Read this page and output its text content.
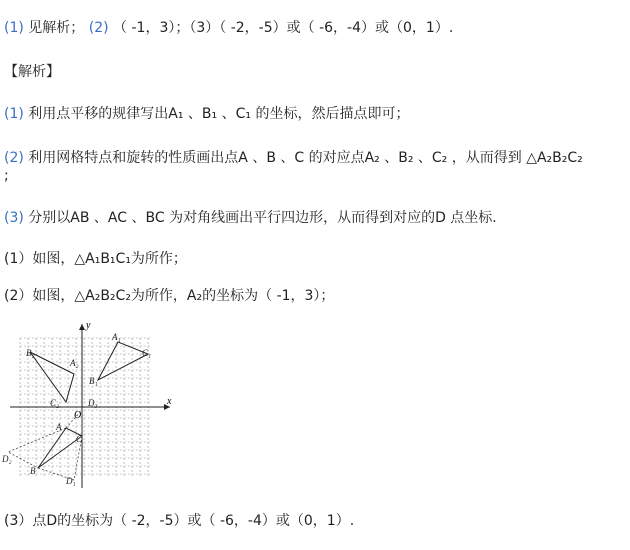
(1) 见解析； (2) （ -1，3）；（3）（ -2，-5）或（ -6，-4）或（0，1）.
【解析】
(1) 利用点平移的规律写出A₁ 、B₁ 、C₁ 的坐标，然后描点即可；
(2) 利用网格特点和旋转的性质画出点A 、B 、C 的对应点A₂ 、B₂ 、C₂ ，从而得到 △A₂B₂C₂
;
(3) 分别以AB 、AC 、BC 为对角线画出平行四边形，从而得到对应的D 点坐标.
(1）如图，△A₁B₁C₁为所作；
(2）如图，△A₂B₂C₂为所作，A₂的坐标为（ -1，3）；
x
y
O
A₁
B₁
C₁
A₂
B₂
C₂
A
B
C
D₁
D₂
D₃
(3）点D的坐标为（ -2，-5）或（ -6，-4）或（0，1）.
